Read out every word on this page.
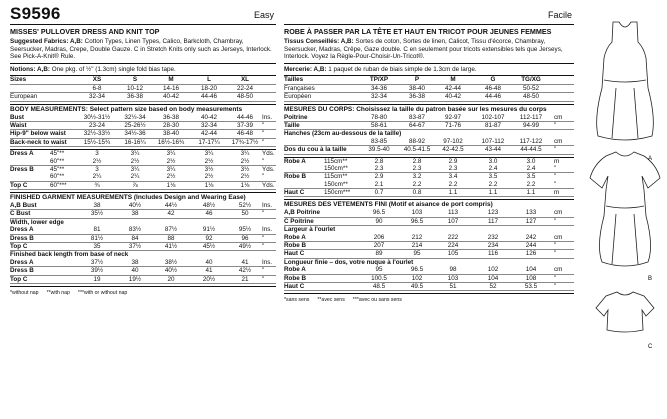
S9596	Easy
MISSES' PULLOVER DRESS AND KNIT TOP
Suggested Fabrics: A,B: Cotton Types, Linen Types, Calico, Barkcloth, Chambray, Seersucker, Madras, Crepe, Double Gauze. C in Stretch Knits only such as Jerseys, Interlock. See Pick-A-Knit® Rule.
Notions: A,B: One pkg. of ½" (1.3cm) single fold bias tape.
Sizes	XS	S	M	L	XL
6-8	10-12	14-16	18-20	22-24
European	32-34	36-38	40-42	44-46	48-50
BODY MEASUREMENTS: Select pattern size based on body measurements
Bust	30½-31½	32½-34	36-38	40-42	44-46	Ins.
Waist	23-24	25-26½	28-30	32-34	37-39	"
Hip-9" below waist	32½-33½	34½-36	38-40	42-44	46-48	"
Back-neck to waist	15½-15¾	16-16¼	16½-16¾	17-17¼	17¾-17½ "
Dress A	45"**	3	3¼	3¼	3¼	3¼	Yds.
60"**	2½	2½	2½	2½	2½	"
Dress B	45"**	3	3¼	3¼	3½	3½	Yds.
60"**	2¼	2¼	2½	2½	2½	"
Top C	60"***	¾	⅞	1⅛	1⅛	1⅛	Yds.
FINISHED GARMENT MEASUREMENTS (Includes Design and Wearing Ease)
A,B Bust	38	40½	44½	48½	52½	Ins.
C Bust	35½	38	42	46	50	"
Width, lower edge
Dress A	81	83½	87½	91½	95½	Ins.
Dress B	81½	84	88	92	96	"
Top C	35	37½	41½	45½	49½	"
Finished back length from base of neck
Dress A	37½	38	38½	40	41	Ins.
Dress B	39½	40	40½	41	42½	"
Top C	19	19½	20	20½	21	"
*without nap **with nap ***with or without nap
Facile
ROBE À PASSER PAR LA TÊTE ET HAUT EN TRICOT POUR JEUNES FEMMES
Tissus Conseillés: A,B: Sortes de coton, Sortes de linen, Calicot, Tissu d'écorce, Chambray, Seersucker, Madras, Crêpe, Gaze double. C en seulement pour tricots extensibles tels que Jerseys, Interlock. Voyez la Règle-Pour-Choisir-Un-Tricot®.
Mercerie: A,B: 1 paquet de ruban de biais simple de 1.3cm de large.
Tailles	TP/XP	P	M	G	TG/XG
Françaises	34-36	38-40	42-44	46-48	50-52
Européen	32-34	36-38	40-42	44-46	48-50
MESURES DU CORPS: Choisissez la taille du patron basée sur les mesures du corps
Poitrine	78-80	83-87	92-97	102-107	112-117	cm
Taille	58-61	64-67	71-76	81-87	94-99	"
Hanches (23cm au-dessous de la taille)
83-85	88-92	97-102	107-112	117-122	cm
Dos du cou à la taille	39.5-40	40.5-41.5	42-42.5	43-44	44-44.5	"
Robe A	115cm**	2.8	2.8	2.9	3.0	3.0	m
150cm**	2.3	2.3	2.3	2.4	2.4	"
Robe B	115cm**	2.9	3.2	3.4	3.5	3.5	"
150cm**	2.1	2.2	2.2	2.2	2.2	"
Haut C	150cm***	0.7	0.8	1.1	1.1	1.1	m
MESURES DES VÊTEMENTS FINI (Motif et aisance de port compris)
A,B Poitrine	96.5	103	113	123	133	cm
C Poitrine	90	96.5	107	117	127	"
Largeur à l'ourlet
Robe A	206	212	222	232	242	cm
Robe B	207	214	224	234	244	"
Haut C	89	95	105	116	126	"
Longueur finie – dos, votre nuque à l'ourlet
Robe A	95	96.5	98	102	104	cm
Robe B	100.5	102	103	104	108	"
Haut C	48.5	49.5	51	52	53.5	"
*sans sens **avec sens ***avec ou sans sens
A
B
C
